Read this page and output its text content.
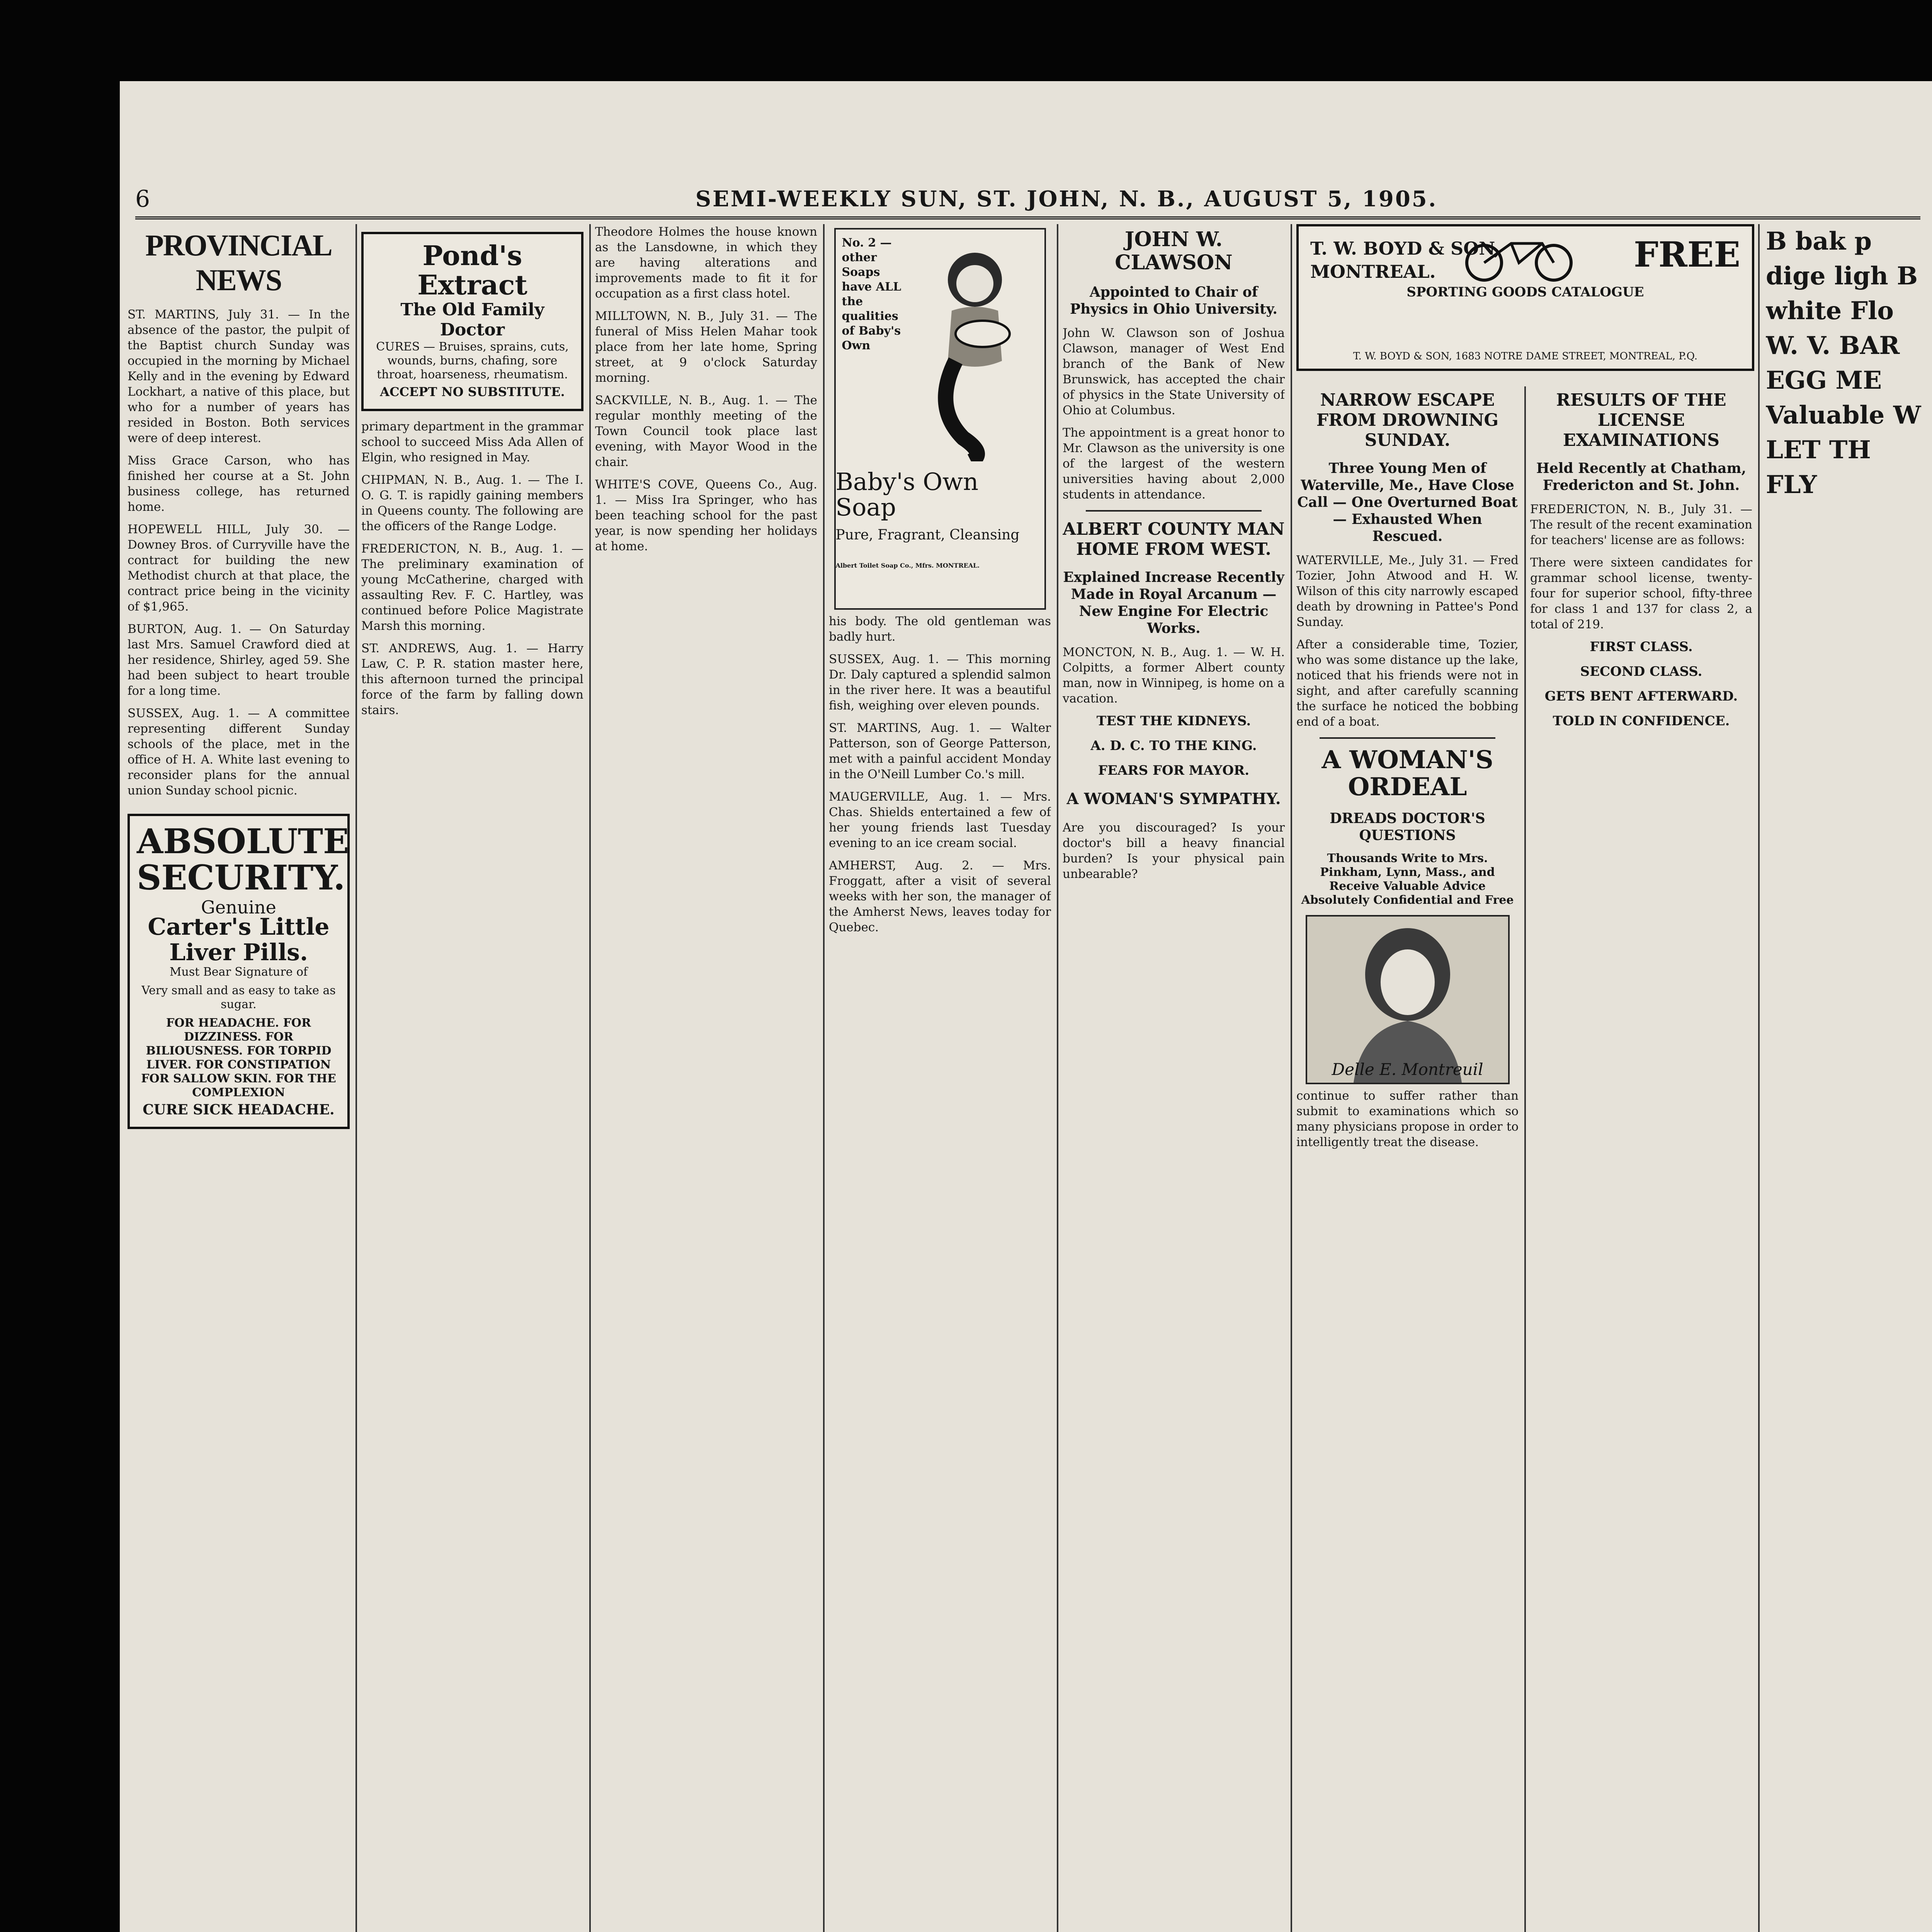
6	SEMI-WEEKLY SUN, ST. JOHN, N. B., AUGUST 5, 1905.
PROVINCIAL NEWS

ST. MARTINS, July 31. — In the absence of the pastor, the pulpit of the Baptist church Sunday was occupied in the morning by Michael Kelly and in the evening by Edward Lockhart, a native of this place, but who for a number of years has resided in Boston. Both services were of deep interest.

Miss Grace Carson, who has finished her course at a St. John business college, has returned home.

HOPEWELL HILL, July 30. — Downey Bros. of Curryville have the contract for building the new Methodist church at that place, the contract price being in the vicinity of $1,965.

BURTON, Aug. 1. — On Saturday last Mrs. Samuel Crawford died at her residence, Shirley, aged 59. She had been subject to heart trouble for a long time.

SUSSEX, Aug. 1. — A committee representing different Sunday schools of the place, met in the office of H. A. White last evening to reconsider plans for the annual union Sunday school picnic.

ABSOLUTE SECURITY.
Genuine
Carter's Little Liver Pills.
Must Bear Signature of
Very small and as easy to take as sugar.
FOR HEADACHE. FOR DIZZINESS. FOR BILIOUSNESS. FOR TORPID LIVER. FOR CONSTIPATION FOR SALLOW SKIN. FOR THE COMPLEXION
CURE SICK HEADACHE.
Pond's Extract
The Old Family Doctor
CURES — Bruises, sprains, cuts, wounds, burns, chafing, sore throat, hoarseness, rheumatism.
ACCEPT NO SUBSTITUTE.

primary department in the grammar school to succeed Miss Ada Allen of Elgin, who resigned in May.

CHIPMAN, N. B., Aug. 1. — The I. O. G. T. is rapidly gaining members in Queens county. The following are the officers of the Range Lodge.

FREDERICTON, N. B., Aug. 1. — The preliminary examination of young McCatherine, charged with assaulting Rev. F. C. Hartley, was continued before Police Magistrate Marsh this morning.

ST. ANDREWS, Aug. 1. — Harry Law, C. P. R. station master here, this afternoon turned the principal force of the farm by falling down stairs.

Theodore Holmes the house known as the Lansdowne, in which they are having alterations and improvements made to fit it for occupation as a first class hotel.

MILLTOWN, N. B., July 31. — The funeral of Miss Helen Mahar took place from her late home, Spring street, at 9 o'clock Saturday morning.

SACKVILLE, N. B., Aug. 1. — The regular monthly meeting of the Town Council took place last evening, with Mayor Wood in the chair.

WHITE'S COVE, Queens Co., Aug. 1. — Miss Ira Springer, who has been teaching school for the past year, is now spending her holidays at home.

No. 2 — other Soaps have ALL the qualities of Baby's Own
Baby's Own Soap
Pure, Fragrant, Cleansing
Albert Toilet Soap Co., Mfrs. MONTREAL.

his body. The old gentleman was badly hurt.

SUSSEX, Aug. 1. — This morning Dr. Daly captured a splendid salmon in the river here. It was a beautiful fish, weighing over eleven pounds.

ST. MARTINS, Aug. 1. — Walter Patterson, son of George Patterson, met with a painful accident Monday in the O'Neill Lumber Co.'s mill.

MAUGERVILLE, Aug. 1. — Mrs. Chas. Shields entertained a few of her young friends last Tuesday evening to an ice cream social.

AMHERST, Aug. 2. — Mrs. Froggatt, after a visit of several weeks with her son, the manager of the Amherst News, leaves today for Quebec.

JOHN W. CLAWSON
Appointed to Chair of Physics in Ohio University.

John W. Clawson son of Joshua Clawson, manager of West End branch of the Bank of New Brunswick, has accepted the chair of physics in the State University of Ohio at Columbus.

The appointment is a great honor to Mr. Clawson as the university is one of the largest of the western universities having about 2,000 students in attendance.

ALBERT COUNTY MAN HOME FROM WEST.
Explained Increase Recently Made in Royal Arcanum — New Engine For Electric Works.

MONCTON, N. B., Aug. 1. — W. H. Colpitts, a former Albert county man, now in Winnipeg, is home on a vacation.

TEST THE KIDNEYS.
A. D. C. TO THE KING.
FEARS FOR MAYOR.
A WOMAN'S SYMPATHY.

Are you discouraged? Is your doctor's bill a heavy financial burden? Is your physical pain unbearable?

T. W. BOYD & SON,
MONTREAL.	FREE
SPORTING GOODS CATALOGUE
T. W. BOYD & SON, 1683 NOTRE DAME STREET, MONTREAL, P.Q.
NARROW ESCAPE FROM DROWNING SUNDAY.
Three Young Men of Waterville, Me., Have Close Call — One Overturned Boat — Exhausted When Rescued.

WATERVILLE, Me., July 31. — Fred Tozier, John Atwood and H. W. Wilson of this city narrowly escaped death by drowning in Pattee's Pond Sunday.

After a considerable time, Tozier, who was some distance up the lake, noticed that his friends were not in sight, and after carefully scanning the surface he noticed the bobbing end of a boat.

A WOMAN'S ORDEAL
DREADS DOCTOR'S QUESTIONS
Thousands Write to Mrs. Pinkham, Lynn, Mass., and Receive Valuable Advice Absolutely Confidential and Free
Delle E. Montreuil

continue to suffer rather than submit to examinations which so many physicians propose in order to intelligently treat the disease.

RESULTS OF THE LICENSE EXAMINATIONS
Held Recently at Chatham, Fredericton and St. John.

FREDERICTON, N. B., July 31. — The result of the recent examination for teachers' license are as follows:

There were sixteen candidates for grammar school license, twenty-four for superior school, fifty-three for class 1 and 137 for class 2, a total of 219.

FIRST CLASS.
SECOND CLASS.
GETS BENT AFTERWARD.
TOLD IN CONFIDENCE.

B bak p dige ligh B white Flo W. V. BAR EGG ME Valuable W LET TH FLY
